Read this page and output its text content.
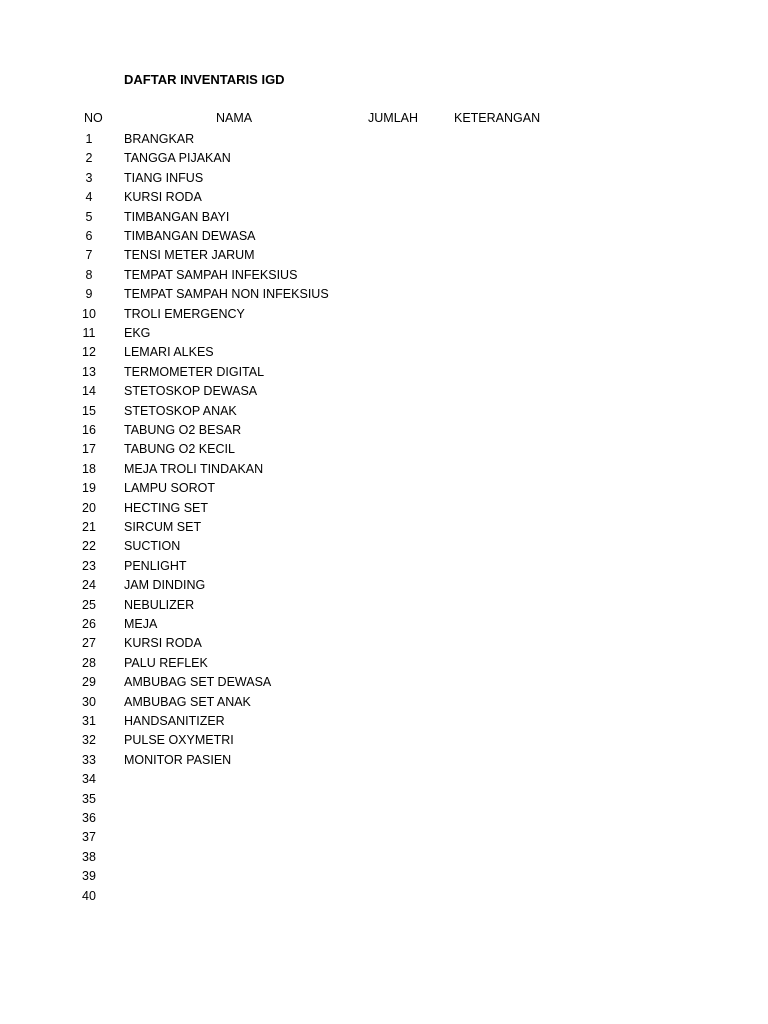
DAFTAR INVENTARIS IGD
NO	NAMA	JUMLAH	KETERANGAN
1	BRANGKAR
2	TANGGA PIJAKAN
3	TIANG INFUS
4	KURSI RODA
5	TIMBANGAN BAYI
6	TIMBANGAN DEWASA
7	TENSI METER JARUM
8	TEMPAT SAMPAH INFEKSIUS
9	TEMPAT SAMPAH NON INFEKSIUS
10	TROLI EMERGENCY
11	EKG
12	LEMARI ALKES
13	TERMOMETER DIGITAL
14	STETOSKOP DEWASA
15	STETOSKOP ANAK
16	TABUNG O2 BESAR
17	TABUNG O2 KECIL
18	MEJA TROLI TINDAKAN
19	LAMPU SOROT
20	HECTING SET
21	SIRCUM SET
22	SUCTION
23	PENLIGHT
24	JAM DINDING
25	NEBULIZER
26	MEJA
27	KURSI RODA
28	PALU REFLEK
29	AMBUBAG SET DEWASA
30	AMBUBAG SET ANAK
31	HANDSANITIZER
32	PULSE OXYMETRI
33	MONITOR PASIEN
34
35
36
37
38
39
40
